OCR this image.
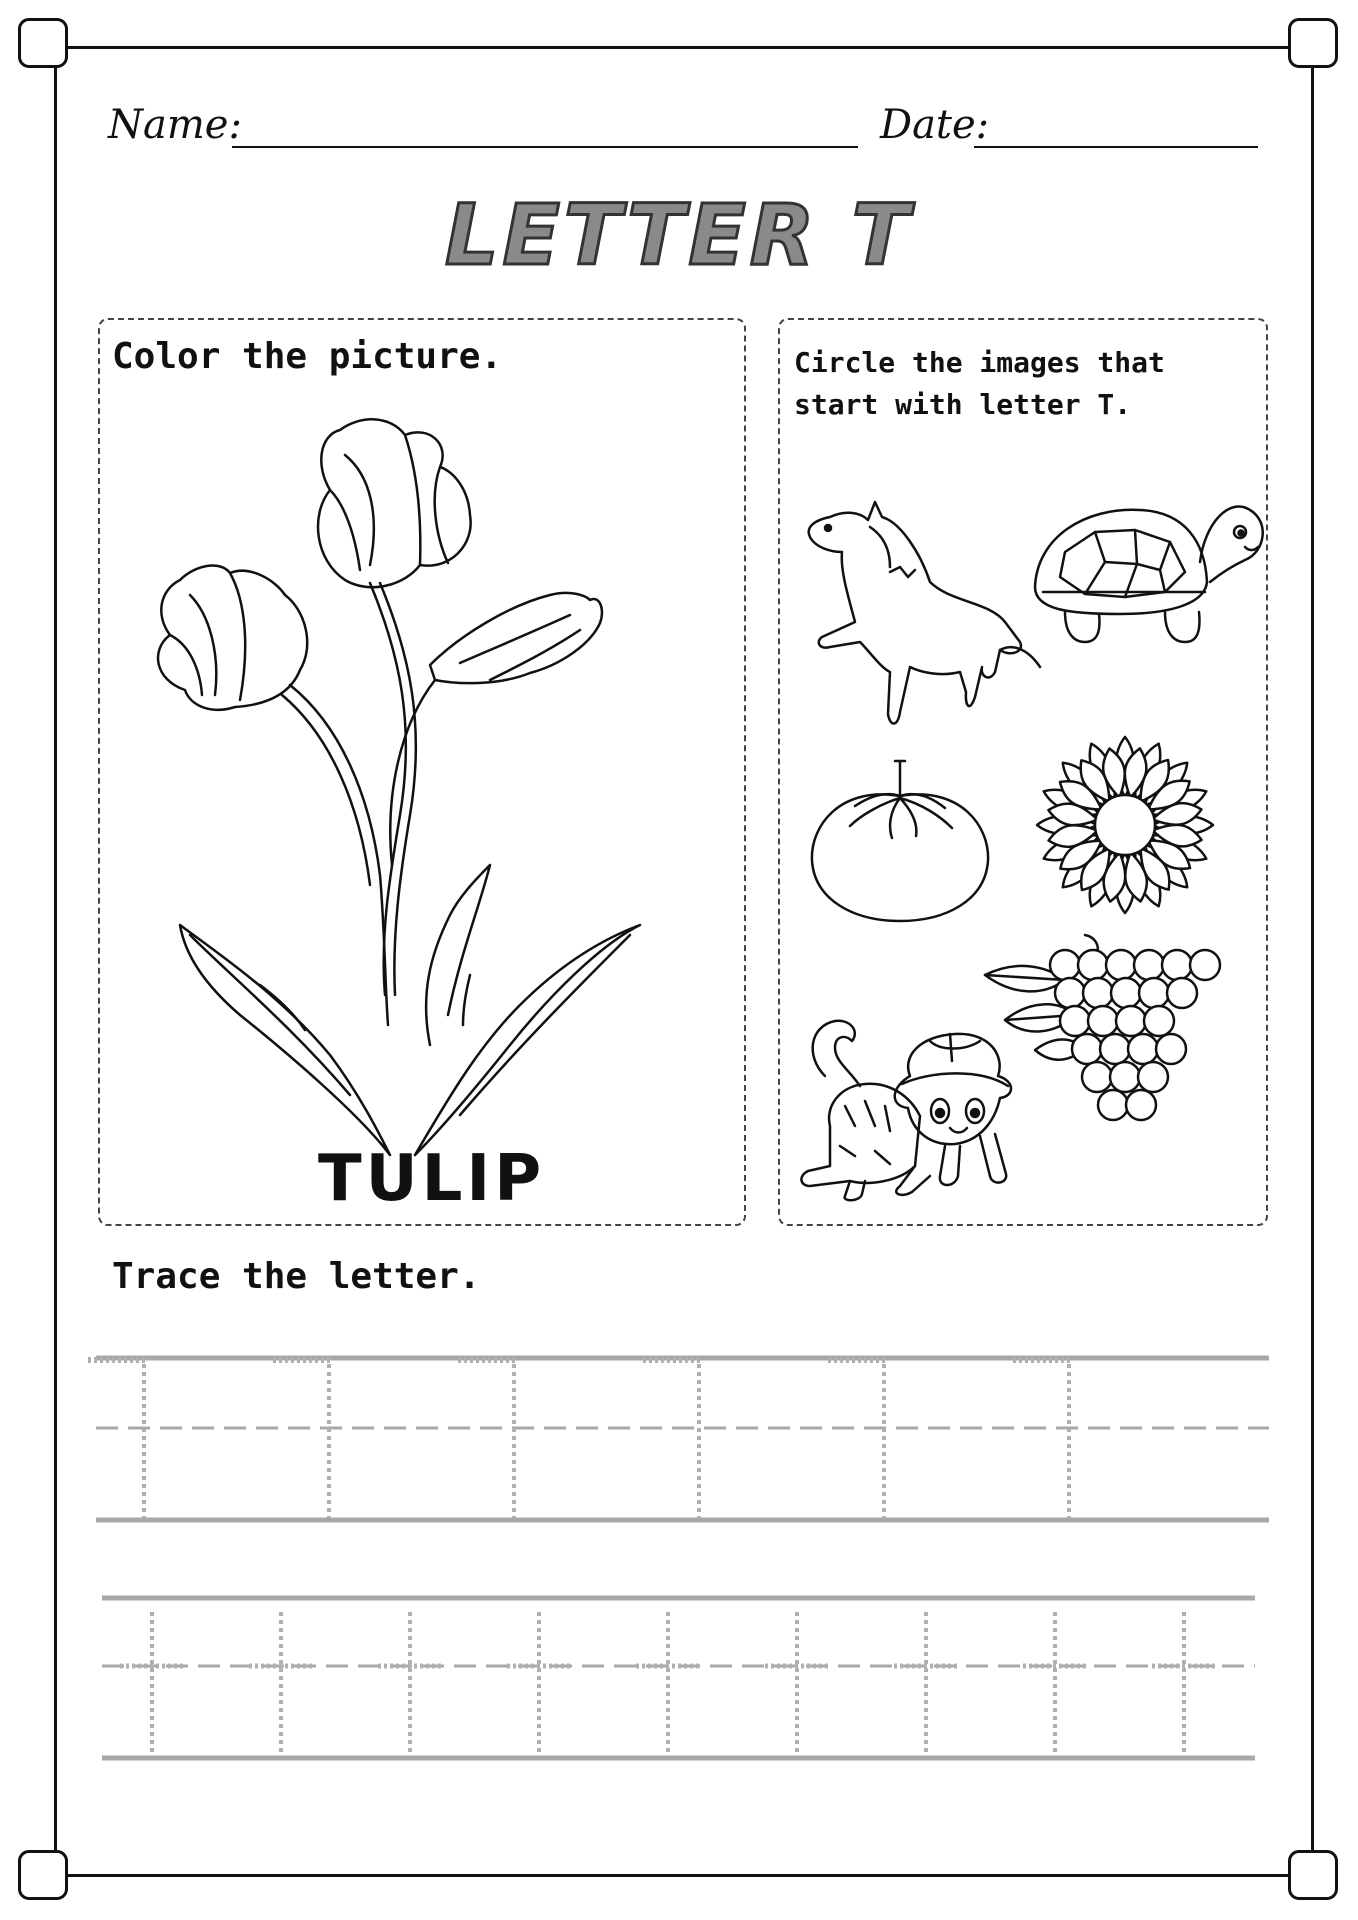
Name:	Date:
LETTER T
Color the picture.
TULIP
Circle the images that
start with letter T.
Trace the letter.
